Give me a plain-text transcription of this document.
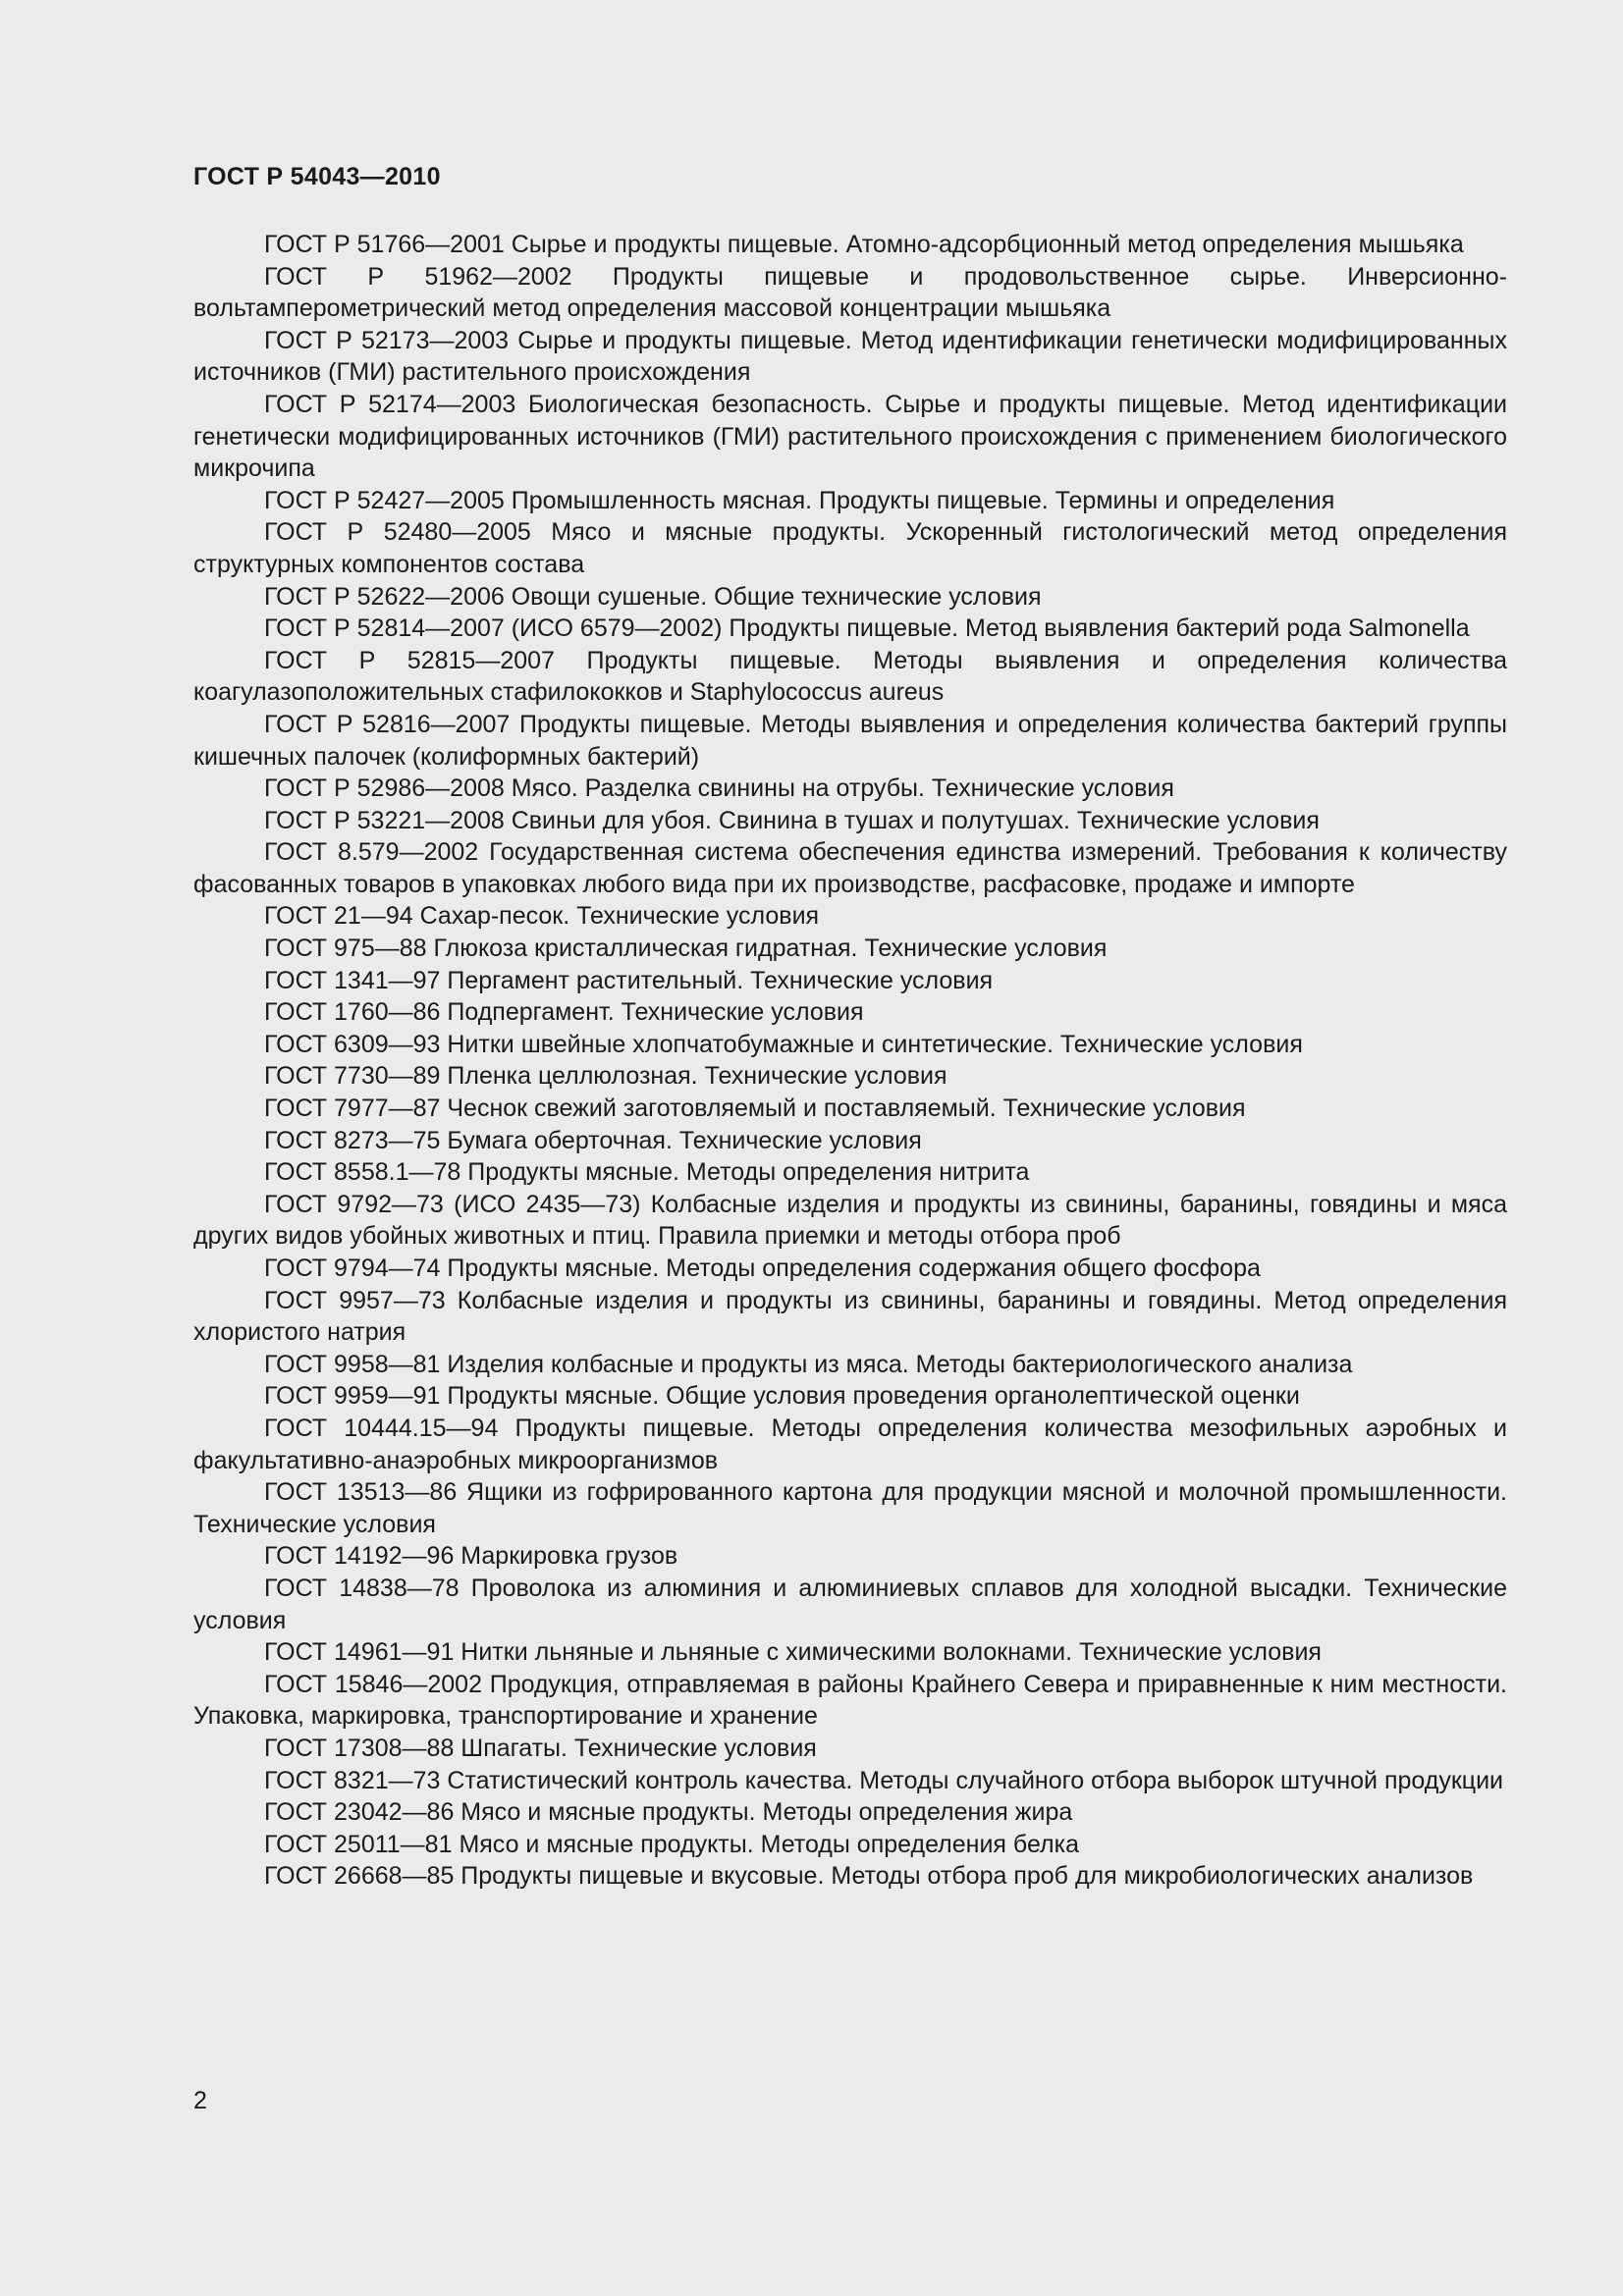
ГОСТ Р 54043—2010

ГОСТ Р 51766—2001 Сырье и продукты пищевые. Атомно-адсорбционный метод определения мышьяка

ГОСТ Р 51962—2002 Продукты пищевые и продовольственное сырье. Инверсионно-вольтамперометрический метод определения массовой концентрации мышьяка

ГОСТ Р 52173—2003 Сырье и продукты пищевые. Метод идентификации генетически модифицированных источников (ГМИ) растительного происхождения

ГОСТ Р 52174—2003 Биологическая безопасность. Сырье и продукты пищевые. Метод идентификации генетически модифицированных источников (ГМИ) растительного происхождения с применением биологического микрочипа

ГОСТ Р 52427—2005 Промышленность мясная. Продукты пищевые. Термины и определения

ГОСТ Р 52480—2005 Мясо и мясные продукты. Ускоренный гистологический метод определения структурных компонентов состава

ГОСТ Р 52622—2006 Овощи сушеные. Общие технические условия

ГОСТ Р 52814—2007 (ИСО 6579—2002) Продукты пищевые. Метод выявления бактерий рода Salmonella

ГОСТ Р 52815—2007 Продукты пищевые. Методы выявления и определения количества коагулазоположительных стафилококков и Staphylococcus aureus

ГОСТ Р 52816—2007 Продукты пищевые. Методы выявления и определения количества бактерий группы кишечных палочек (колиформных бактерий)

ГОСТ Р 52986—2008 Мясо. Разделка свинины на отрубы. Технические условия

ГОСТ Р 53221—2008 Свиньи для убоя. Свинина в тушах и полутушах. Технические условия

ГОСТ 8.579—2002 Государственная система обеспечения единства измерений. Требования к количеству фасованных товаров в упаковках любого вида при их производстве, расфасовке, продаже и импорте

ГОСТ 21—94 Сахар-песок. Технические условия

ГОСТ 975—88 Глюкоза кристаллическая гидратная. Технические условия

ГОСТ 1341—97 Пергамент растительный. Технические условия

ГОСТ 1760—86 Подпергамент. Технические условия

ГОСТ 6309—93 Нитки швейные хлопчатобумажные и синтетические. Технические условия

ГОСТ 7730—89 Пленка целлюлозная. Технические условия

ГОСТ 7977—87 Чеснок свежий заготовляемый и поставляемый. Технические условия

ГОСТ 8273—75 Бумага оберточная. Технические условия

ГОСТ 8558.1—78 Продукты мясные. Методы определения нитрита

ГОСТ 9792—73 (ИСО 2435—73) Колбасные изделия и продукты из свинины, баранины, говядины и мяса других видов убойных животных и птиц. Правила приемки и методы отбора проб

ГОСТ 9794—74 Продукты мясные. Методы определения содержания общего фосфора

ГОСТ 9957—73 Колбасные изделия и продукты из свинины, баранины и говядины. Метод определения хлористого натрия

ГОСТ 9958—81 Изделия колбасные и продукты из мяса. Методы бактериологического анализа

ГОСТ 9959—91 Продукты мясные. Общие условия проведения органолептической оценки

ГОСТ 10444.15—94 Продукты пищевые. Методы определения количества мезофильных аэробных и факультативно-анаэробных микроорганизмов

ГОСТ 13513—86 Ящики из гофрированного картона для продукции мясной и молочной промышленности. Технические условия

ГОСТ 14192—96 Маркировка грузов

ГОСТ 14838—78 Проволока из алюминия и алюминиевых сплавов для холодной высадки. Технические условия

ГОСТ 14961—91 Нитки льняные и льняные с химическими волокнами. Технические условия

ГОСТ 15846—2002 Продукция, отправляемая в районы Крайнего Севера и приравненные к ним местности. Упаковка, маркировка, транспортирование и хранение

ГОСТ 17308—88 Шпагаты. Технические условия

ГОСТ 8321—73 Статистический контроль качества. Методы случайного отбора выборок штучной продукции

ГОСТ 23042—86 Мясо и мясные продукты. Методы определения жира

ГОСТ 25011—81 Мясо и мясные продукты. Методы определения белка

ГОСТ 26668—85 Продукты пищевые и вкусовые. Методы отбора проб для микробиологических анализов

2
